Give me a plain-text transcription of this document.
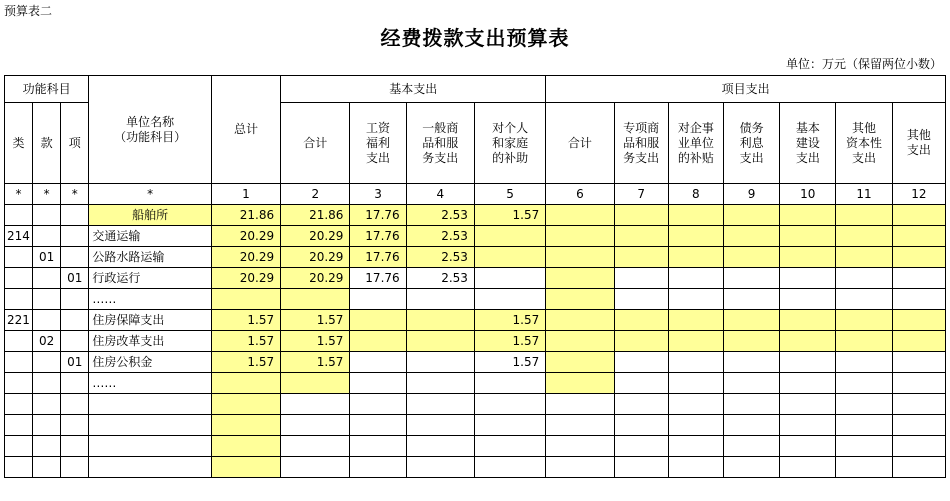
预算表二
经费拨款支出预算表
单位：万元（保留两位小数）
功能科目			单位名称
（功能科目）	总计	基本支出				项目支出						
类	款	项			合计	工资
福利
支出	一般商
品和服
务支出	对个人
和家庭
的补助	合计	专项商
品和服
务支出	对企事
业单位
的补贴	债务
利息
支出	基本
建设
支出	其他
资本性
支出	其他
支出
*	*	*	*	1	2	3	4	5	6	7	8	9	10	11	12
			船舶所	21.86	21.86	17.76	2.53	1.57							
214			交通运输	20.29	20.29	17.76	2.53								
	01		公路水路运输	20.29	20.29	17.76	2.53								
		01	行政运行	20.29	20.29	17.76	2.53								
			……												
221			住房保障支出	1.57	1.57			1.57							
	02		住房改革支出	1.57	1.57			1.57							
		01	住房公积金	1.57	1.57			1.57							
			……												
